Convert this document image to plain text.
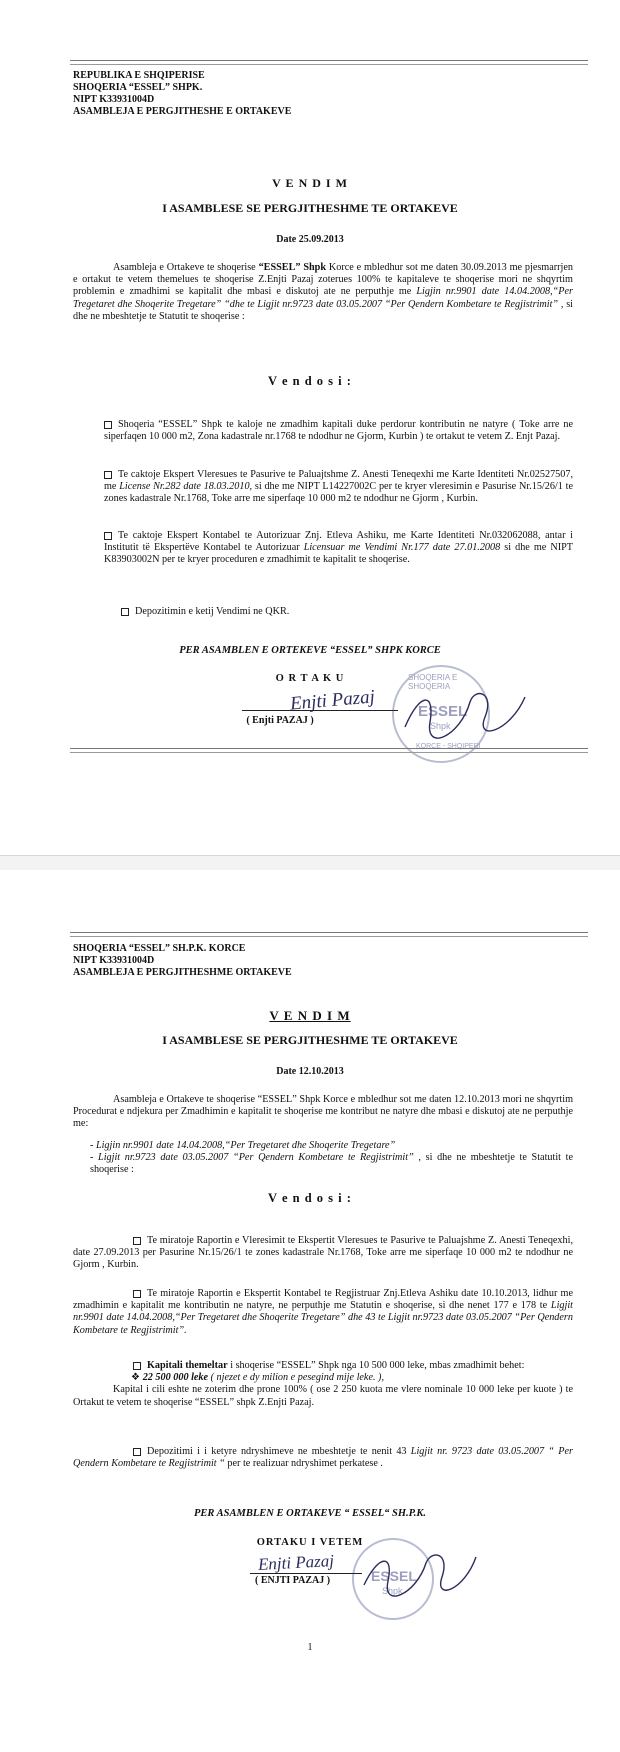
REPUBLIKA E SHQIPERISE
SHOQERIA “ESSEL” SHPK.
NIPT K33931004D
ASAMBLEJA E PERGJITHESHE E ORTAKEVE
V E N D I M
I ASAMBLESE SE PERGJITHESHME TE ORTAKEVE
Date 25.09.2013
Asambleja e Ortakeve te shoqerise “ESSEL” Shpk Korce e mbledhur sot me daten 30.09.2013 me pjesmarrjen e ortakut te vetem themelues te shoqerise Z.Enjti Pazaj zoterues 100% te kapitaleve te shoqerise mori ne shqyrtim problemin e zmadhimi se kapitalit dhe mbasi e diskutoj ate ne perputhje me Ligjin nr.9901 date 14.04.2008,“Per Tregetaret dhe Shoqerite Tregetare” “dhe te Ligjit nr.9723 date 03.05.2007 “Per Qendern Kombetare te Regjistrimit” , si dhe ne mbeshtetje te Statutit te shoqerise :
V e n d o s i :
Shoqeria “ESSEL” Shpk te kaloje ne zmadhim kapitali duke perdorur kontributin ne natyre ( Toke arre ne siperfaqen 10 000 m2, Zona kadastrale nr.1768 te ndodhur ne Gjorm, Kurbin ) te ortakut te vetem Z. Enjt Pazaj.
Te caktoje Ekspert Vleresues te Pasurive te Paluajtshme Z. Anesti Teneqexhi me Karte Identiteti Nr.02527507, me License Nr.282 date 18.03.2010, si dhe me NIPT L14227002C per te kryer vleresimin e Pasurise Nr.15/26/1 te zones kadastrale Nr.1768, Toke arre me siperfaqe 10 000 m2 te ndodhur ne Gjorm , Kurbin.
Te caktoje Ekspert Kontabel te Autorizuar Znj. Etleva Ashiku, me Karte Identiteti Nr.032062088, antar i Institutit të Ekspertëve Kontabel te Autorizuar Licensuar me Vendimi Nr.177 date 27.01.2008 si dhe me NIPT K83903002N per te kryer proceduren e zmadhimit te kapitalit te shoqerise.
Depozitimin e ketij Vendimi ne QKR.
PER ASAMBLEN E ORTEKEVE “ESSEL” SHPK KORCE
O R T A K U	SHOQERIA E SHOQERIA
ESSEL
Shpk
KORCE - SHQIPERI
Enjti Pazaj
( Enjti PAZAJ )
SHOQERIA “ESSEL” SH.P.K. KORCE
NIPT K33931004D
ASAMBLEJA E PERGJITHESHME ORTAKEVE
V E N D I M
I ASAMBLESE SE PERGJITHESHME TE ORTAKEVE
Date 12.10.2013
Asambleja e Ortakeve te shoqerise “ESSEL” Shpk Korce e mbledhur sot me daten 12.10.2013 mori ne shqyrtim Procedurat e ndjekura per Zmadhimin e kapitalit te shoqerise me kontribut ne natyre dhe mbasi e diskutoj ate ne perputhje me:
- Ligjin nr.9901 date 14.04.2008,“Per Tregetaret dhe Shoqerite Tregetare”
- Ligjit nr.9723 date 03.05.2007 “Per Qendern Kombetare te Regjistrimit” , si dhe ne mbeshtetje te Statutit te shoqerise :
V e n d o s i :
Te miratoje Raportin e Vleresimit te Ekspertit Vleresues te Pasurive te Paluajshme Z. Anesti Teneqexhi, date 27.09.2013 per Pasurine Nr.15/26/1 te zones kadastrale Nr.1768, Toke arre me siperfaqe 10 000 m2 te ndodhur ne Gjorm , Kurbin.
Te miratoje Raportin e Ekspertit Kontabel te Regjistruar Znj.Etleva Ashiku date 10.10.2013, lidhur me zmadhimin e kapitalit me kontributin ne natyre, ne perputhje me Statutin e shoqerise, si dhe nenet 177 e 178 te Ligjit nr.9901 date 14.04.2008,“Per Tregetaret dhe Shoqerite Tregetare” dhe 43 te Ligjit nr.9723 date 03.05.2007 “Per Qendern Kombetare te Regjistrimit”.
Kapitali themeltar i shoqerise “ESSEL” Shpk nga 10 500 000 leke, mbas zmadhimit behet:
❖ 22 500 000 leke ( njezet e dy milion e pesegind mije leke. ),
Kapital i cili eshte ne zoterim dhe prone 100% ( ose 2 250 kuota me vlere nominale 10 000 leke per kuote ) te Ortakut te vetem te shoqerise “ESSEL” shpk Z.Enjti Pazaj.
Depozitimi i i ketyre ndryshimeve ne mbeshtetje te nenit 43 Ligjit nr. 9723 date 03.05.2007 “ Per Qendern Kombetare te Regjistrimit “ per te realizuar ndryshimet perkatese .
PER ASAMBLEN E ORTAKEVE “ ESSEL“ SH.P.K.
ORTAKU I VETEM
ESSEL
Shpk
Enjti Pazaj
( ENJTI PAZAJ )
1
